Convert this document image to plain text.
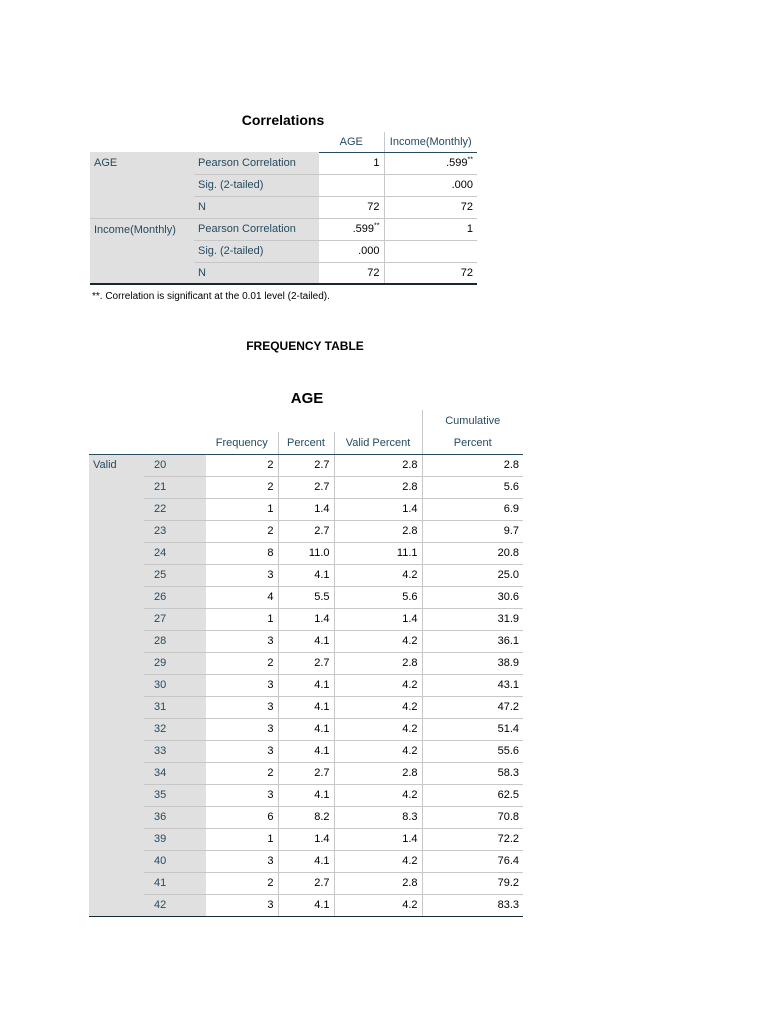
Correlations
		AGE	Income(Monthly)
AGE	Pearson Correlation	1	.599**
	Sig. (2-tailed)		.000
	N	72	72
Income(Monthly)	Pearson Correlation	.599**	1
	Sig. (2-tailed)	.000	
	N	72	72
**. Correlation is significant at the 0.01 level (2-tailed).
FREQUENCY TABLE
AGE
					Cumulative
		Frequency	Percent	Valid Percent	Percent
Valid	20	2	2.7	2.8	2.8
	21	2	2.7	2.8	5.6
	22	1	1.4	1.4	6.9
	23	2	2.7	2.8	9.7
	24	8	11.0	11.1	20.8
	25	3	4.1	4.2	25.0
	26	4	5.5	5.6	30.6
	27	1	1.4	1.4	31.9
	28	3	4.1	4.2	36.1
	29	2	2.7	2.8	38.9
	30	3	4.1	4.2	43.1
	31	3	4.1	4.2	47.2
	32	3	4.1	4.2	51.4
	33	3	4.1	4.2	55.6
	34	2	2.7	2.8	58.3
	35	3	4.1	4.2	62.5
	36	6	8.2	8.3	70.8
	39	1	1.4	1.4	72.2
	40	3	4.1	4.2	76.4
	41	2	2.7	2.8	79.2
	42	3	4.1	4.2	83.3
